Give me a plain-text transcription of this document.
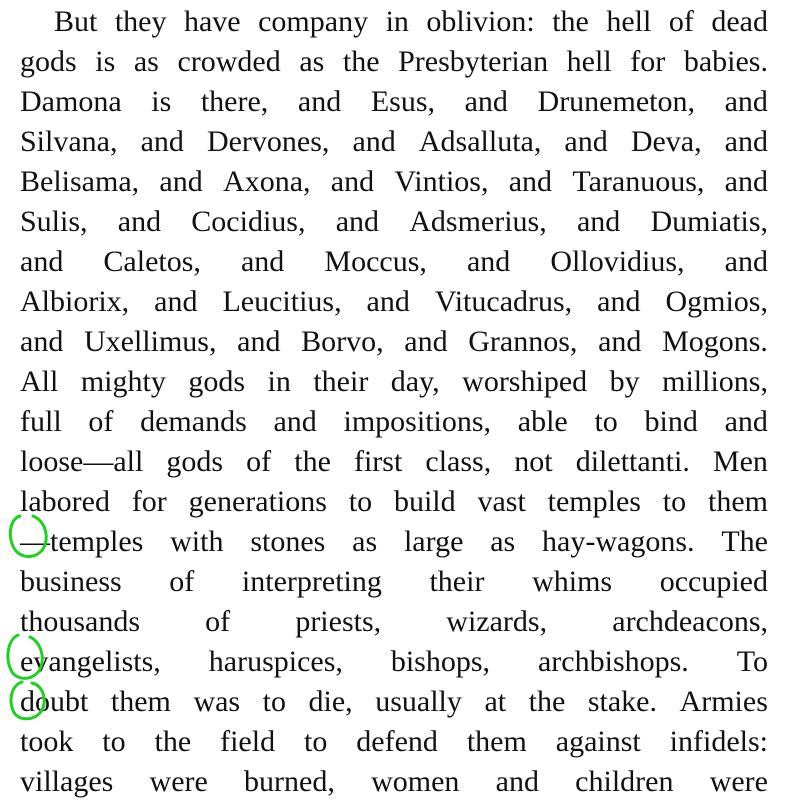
But they have company in oblivion: the hell of dead
gods is as crowded as the Presbyterian hell for babies.
Damona is there, and Esus, and Drunemeton, and
Silvana, and Dervones, and Adsalluta, and Deva, and
Belisama, and Axona, and Vintios, and Taranuous, and
Sulis, and Cocidius, and Adsmerius, and Dumiatis,
and Caletos, and Moccus, and Ollovidius, and
Albiorix, and Leucitius, and Vitucadrus, and Ogmios,
and Uxellimus, and Borvo, and Grannos, and Mogons.
All mighty gods in their day, worshiped by millions,
full of demands and impositions, able to bind and
loose—all gods of the first class, not dilettanti. Men
labored for generations to build vast temples to them
—temples with stones as large as hay-wagons. The
business of interpreting their whims occupied
thousands of priests, wizards, archdeacons,
evangelists, haruspices, bishops, archbishops. To
doubt them was to die, usually at the stake. Armies
took to the field to defend them against infidels:
villages were burned, women and children were
